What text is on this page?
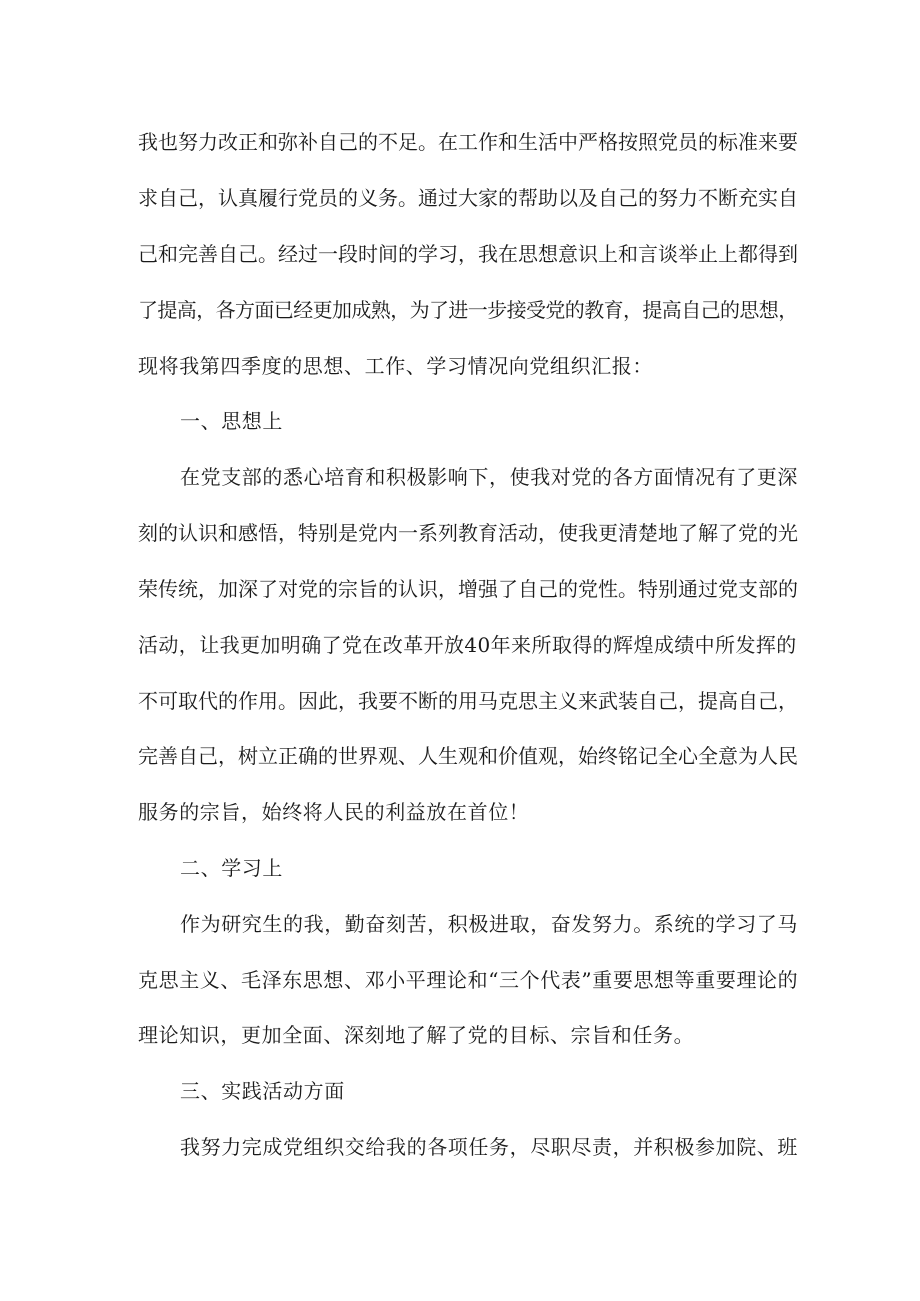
我也努力改正和弥补自己的不足。在工作和生活中严格按照党员的标准来要

求自己，认真履行党员的义务。通过大家的帮助以及自己的努力不断充实自

己和完善自己。经过一段时间的学习，我在思想意识上和言谈举止上都得到

了提高，各方面已经更加成熟，为了进一步接受党的教育，提高自己的思想，

现将我第四季度的思想、工作、学习情况向党组织汇报：

一、思想上

在党支部的悉心培育和积极影响下，使我对党的各方面情况有了更深

刻的认识和感悟，特别是党内一系列教育活动，使我更清楚地了解了党的光

荣传统，加深了对党的宗旨的认识，增强了自己的党性。特别通过党支部的

活动，让我更加明确了党在改革开放40年来所取得的辉煌成绩中所发挥的

不可取代的作用。因此，我要不断的用马克思主义来武装自己，提高自己，

完善自己，树立正确的世界观、人生观和价值观，始终铭记全心全意为人民

服务的宗旨，始终将人民的利益放在首位！

二、学习上

作为研究生的我，勤奋刻苦，积极进取，奋发努力。系统的学习了马

克思主义、毛泽东思想、邓小平理论和“三个代表”重要思想等重要理论的

理论知识，更加全面、深刻地了解了党的目标、宗旨和任务。

三、实践活动方面

我努力完成党组织交给我的各项任务，尽职尽责，并积极参加院、班
